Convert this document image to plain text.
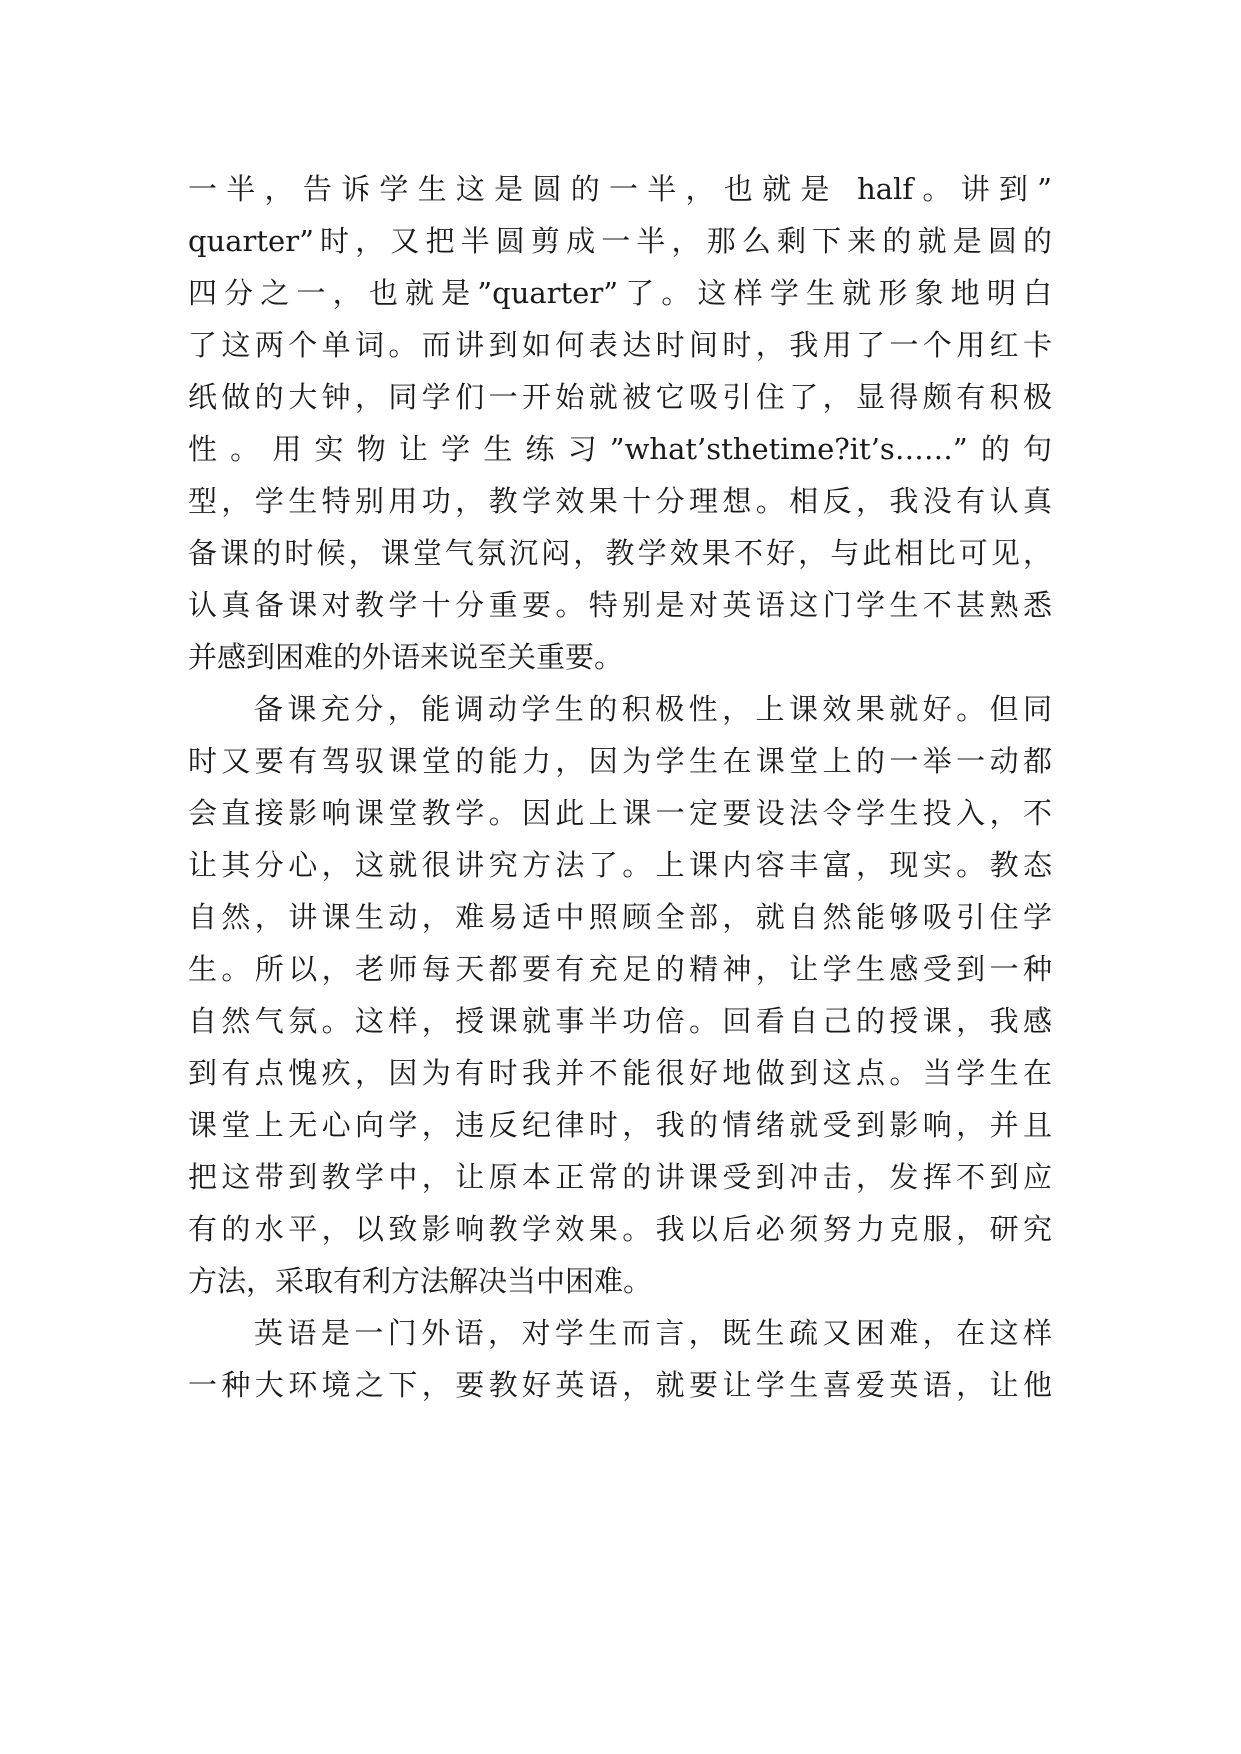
一半，告诉学生这是圆的一半，也就是 half。讲到”
quarter”时，又把半圆剪成一半，那么剩下来的就是圆的
四分之一，也就是”quarter”了。这样学生就形象地明白
了这两个单词。而讲到如何表达时间时，我用了一个用红卡
纸做的大钟，同学们一开始就被它吸引住了，显得颇有积极
性。用实物让学生练习”what’sthetime?it’s……”的句
型，学生特别用功，教学效果十分理想。相反，我没有认真
备课的时候，课堂气氛沉闷，教学效果不好，与此相比可见，
认真备课对教学十分重要。特别是对英语这门学生不甚熟悉
并感到困难的外语来说至关重要。
备课充分，能调动学生的积极性，上课效果就好。但同
时又要有驾驭课堂的能力，因为学生在课堂上的一举一动都
会直接影响课堂教学。因此上课一定要设法令学生投入，不
让其分心，这就很讲究方法了。上课内容丰富，现实。教态
自然，讲课生动，难易适中照顾全部，就自然能够吸引住学
生。所以，老师每天都要有充足的精神，让学生感受到一种
自然气氛。这样，授课就事半功倍。回看自己的授课，我感
到有点愧疚，因为有时我并不能很好地做到这点。当学生在
课堂上无心向学，违反纪律时，我的情绪就受到影响，并且
把这带到教学中，让原本正常的讲课受到冲击，发挥不到应
有的水平，以致影响教学效果。我以后必须努力克服，研究
方法，采取有利方法解决当中困难。
英语是一门外语，对学生而言，既生疏又困难，在这样
一种大环境之下，要教好英语，就要让学生喜爱英语，让他
